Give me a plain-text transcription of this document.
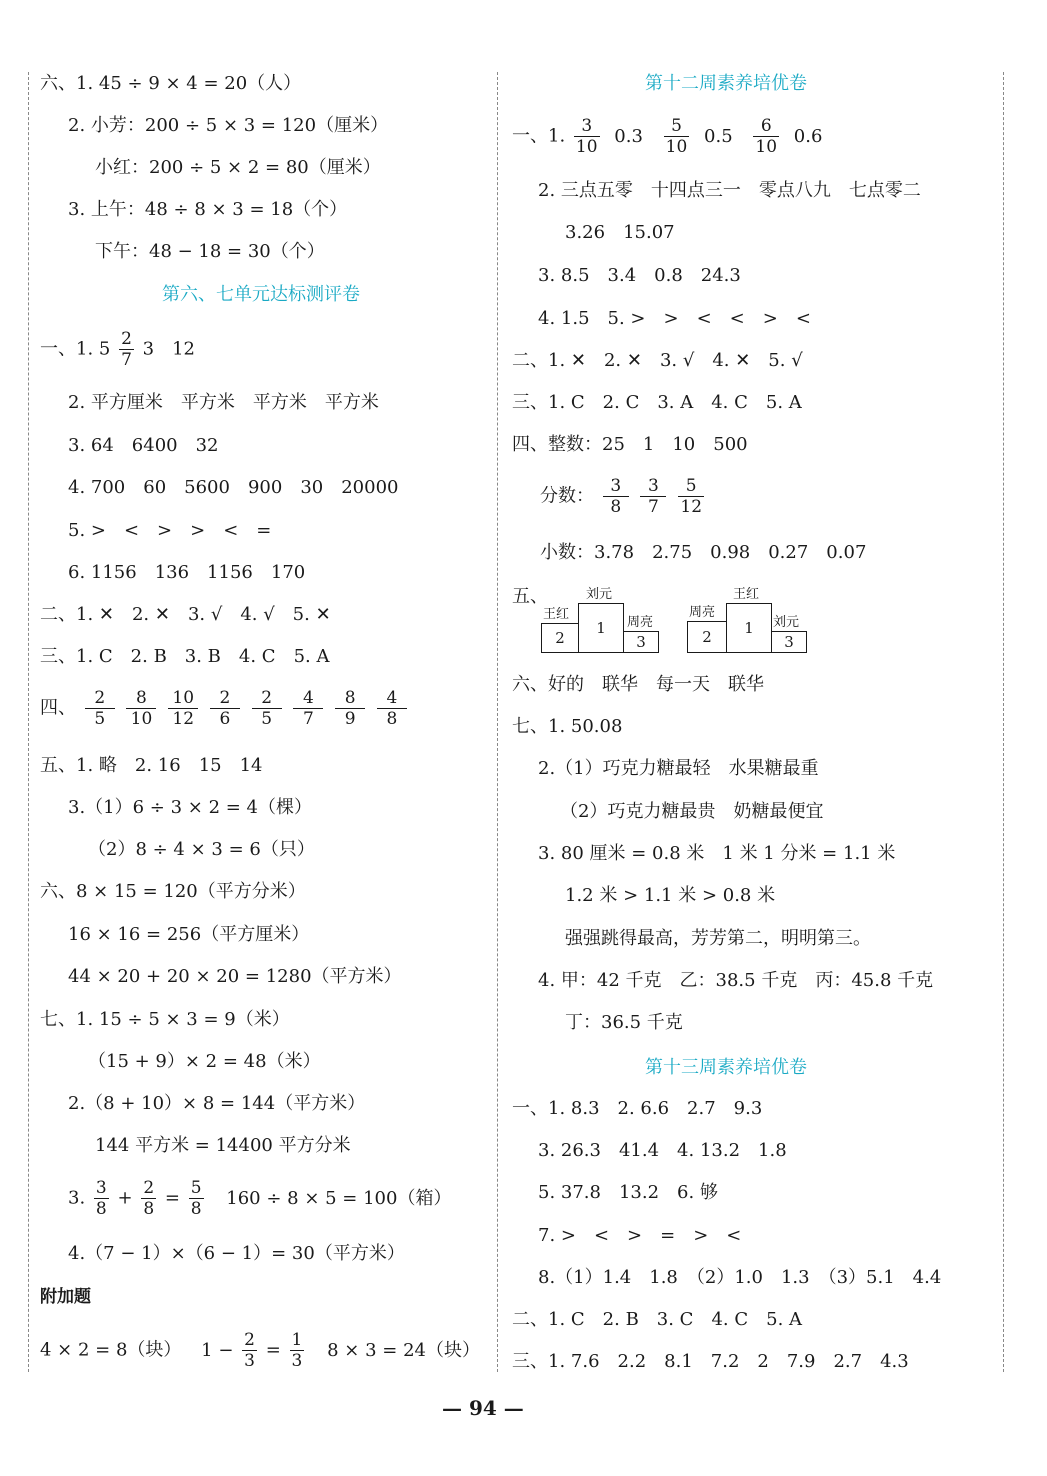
六、1. 45 ÷ 9 × 4 = 20（人）
2. 小芳：200 ÷ 5 × 3 = 120（厘米）
小红：200 ÷ 5 × 2 = 80（厘米）
3. 上午：48 ÷ 8 × 3 = 18（个）
下午：48 − 18 = 30（个）
第六、七单元达标测评卷
一、1. $5 \frac{2}{7} 3$　12
2. 平方厘米　平方米　平方米　平方米
3. 64　6400　32
4. 700　60　5600　900　30　20000
5. >　<　>　>　<　=
6. 1156　136　1156　170
二、1. ✕　2. ✕　3. √　4. √　5. ✕
三、1. C　2. B　3. B　4. C　5. A
四、 $\frac{2}{5}$
$\frac{8}{10}$
$\frac{10}{12}$
$\frac{2}{6}$
$\frac{2}{5}$
$\frac{4}{7}$
$\frac{8}{9}$
$\frac{4}{8}$
五、1. 略　2. 16　15　14
3.（1）6 ÷ 3 × 2 = 4（棵）
（2）8 ÷ 4 × 3 = 6（只）
六、8 × 15 = 120（平方分米）
16 × 16 = 256（平方厘米）
44 × 20 + 20 × 20 = 1280（平方米）
七、1. 15 ÷ 5 × 3 = 9（米）
（15 + 9）× 2 = 48（米）
2.（8 + 10）× 8 = 144（平方米）
144 平方米 = 14400 平方分米
3. $\frac{3}{8} + \frac{2}{8} = \frac{5}{8} 160 \div 8 \times 5 = 100$（箱）
4.（7 − 1）×（6 − 1）= 30（平方米）
附加题
4 × 2 = 8（块） $1 - \frac{2}{3} = \frac{1}{3} 8 \times 3 = 24$（块）
第十二周素养培优卷
一、1. $\frac{3}{10} 0.3 \frac{5}{10} 0.5 \frac{6}{10} 0.6$
2. 三点五零　十四点三一　零点八九　七点零二
3.26　15.07
3. 8.5　3.4　0.8　24.3
4. 1.5　5. >　>　<　<　>　<
二、1. ✕　2. ✕　3. √　4. ✕　5. √
三、1. C　2. C　3. A　4. C　5. A
四、整数：25　1　10　500
分数： $\frac{3}{8}$
$\frac{3}{7}$
$\frac{5}{12}$
小数：3.78　2.75　0.98　0.27　0.07
五、
王红
刘元
周亮
2
1
3
周亮
王红
刘元
2	1
3
六、好的　联华　每一天　联华
七、1. 50.08
2.（1）巧克力糖最轻　水果糖最重
（2）巧克力糖最贵　奶糖最便宜
3. 80 厘米 = 0.8 米　1 米 1 分米 = 1.1 米
1.2 米 > 1.1 米 > 0.8 米
强强跳得最高，芳芳第二，明明第三。
4. 甲：42 千克　乙：38.5 千克　丙：45.8 千克
丁：36.5 千克
第十三周素养培优卷
一、1. 8.3　2. 6.6　2.7　9.3
3. 26.3　41.4　4. 13.2　1.8
5. 37.8　13.2　6. 够
7. >　<　>　=　>　<
8.（1）1.4　1.8　（2）1.0　1.3　（3）5.1　4.4
二、1. C　2. B　3. C　4. C　5. A
三、1. 7.6　2.2　8.1　7.2　2　7.9　2.7　4.3
— 94 —
